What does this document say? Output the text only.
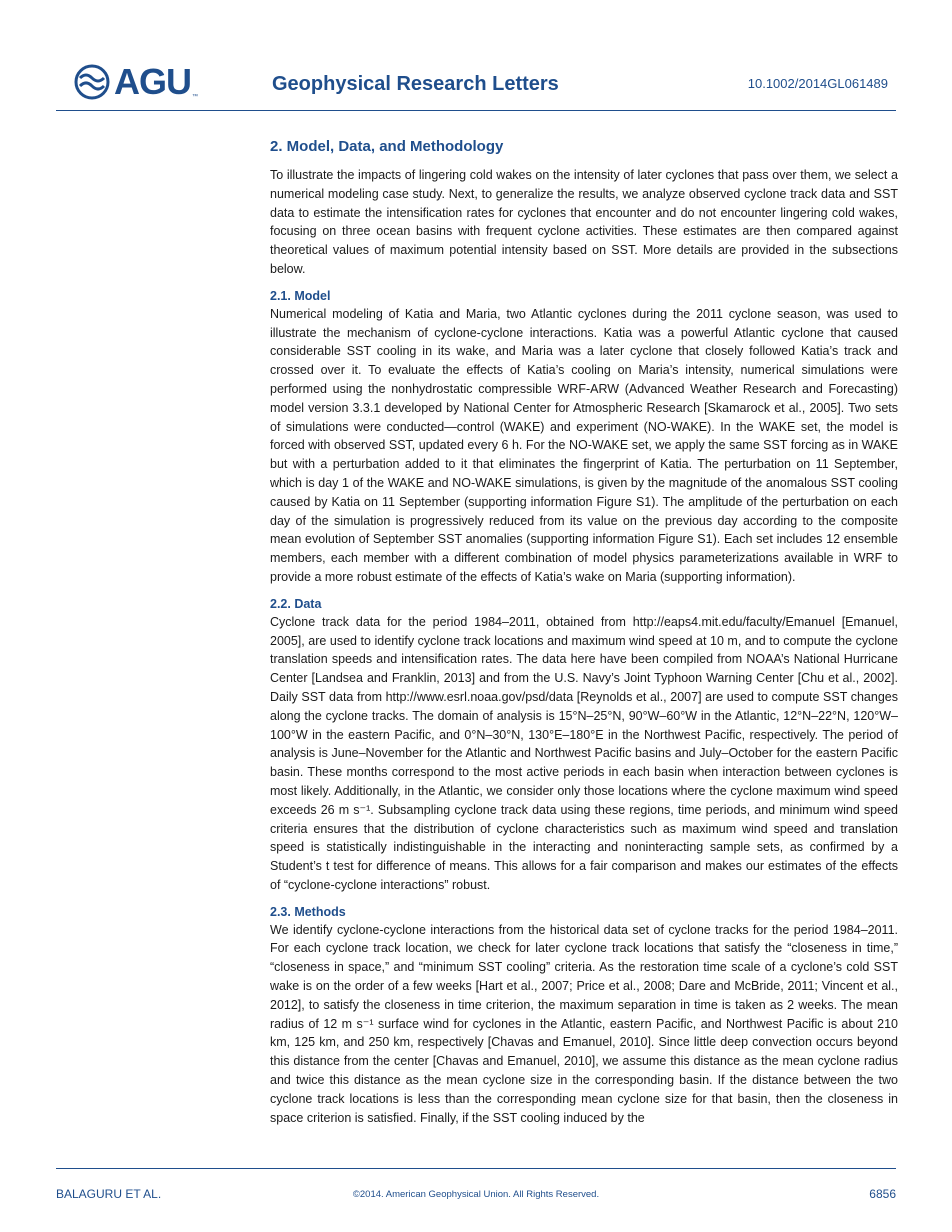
AGU ™
Geophysical Research Letters	10.1002/2014GL061489
2. Model, Data, and Methodology

To illustrate the impacts of lingering cold wakes on the intensity of later cyclones that pass over them, we select a numerical modeling case study. Next, to generalize the results, we analyze observed cyclone track data and SST data to estimate the intensification rates for cyclones that encounter and do not encounter lingering cold wakes, focusing on three ocean basins with frequent cyclone activities. These estimates are then compared against theoretical values of maximum potential intensity based on SST. More details are provided in the subsections below.

2.1. Model

Numerical modeling of Katia and Maria, two Atlantic cyclones during the 2011 cyclone season, was used to illustrate the mechanism of cyclone-cyclone interactions. Katia was a powerful Atlantic cyclone that caused considerable SST cooling in its wake, and Maria was a later cyclone that closely followed Katia’s track and crossed over it. To evaluate the effects of Katia’s cooling on Maria’s intensity, numerical simulations were performed using the nonhydrostatic compressible WRF-ARW (Advanced Weather Research and Forecasting) model version 3.3.1 developed by National Center for Atmospheric Research [Skamarock et al., 2005]. Two sets of simulations were conducted—control (WAKE) and experiment (NO-WAKE). In the WAKE set, the model is forced with observed SST, updated every 6 h. For the NO-WAKE set, we apply the same SST forcing as in WAKE but with a perturbation added to it that eliminates the fingerprint of Katia. The perturbation on 11 September, which is day 1 of the WAKE and NO-WAKE simulations, is given by the magnitude of the anomalous SST cooling caused by Katia on 11 September (supporting information Figure S1). The amplitude of the perturbation on each day of the simulation is progressively reduced from its value on the previous day according to the composite mean evolution of September SST anomalies (supporting information Figure S1). Each set includes 12 ensemble members, each member with a different combination of model physics parameterizations available in WRF to provide a more robust estimate of the effects of Katia’s wake on Maria (supporting information).

2.2. Data

Cyclone track data for the period 1984–2011, obtained from http://eaps4.mit.edu/faculty/Emanuel [Emanuel, 2005], are used to identify cyclone track locations and maximum wind speed at 10 m, and to compute the cyclone translation speeds and intensification rates. The data here have been compiled from NOAA’s National Hurricane Center [Landsea and Franklin, 2013] and from the U.S. Navy’s Joint Typhoon Warning Center [Chu et al., 2002]. Daily SST data from http://www.esrl.noaa.gov/psd/data [Reynolds et al., 2007] are used to compute SST changes along the cyclone tracks. The domain of analysis is 15°N–25°N, 90°W–60°W in the Atlantic, 12°N–22°N, 120°W–100°W in the eastern Pacific, and 0°N–30°N, 130°E–180°E in the Northwest Pacific, respectively. The period of analysis is June–November for the Atlantic and Northwest Pacific basins and July–October for the eastern Pacific basin. These months correspond to the most active periods in each basin when interaction between cyclones is most likely. Additionally, in the Atlantic, we consider only those locations where the cyclone maximum wind speed exceeds 26 m s⁻¹. Subsampling cyclone track data using these regions, time periods, and minimum wind speed criteria ensures that the distribution of cyclone characteristics such as maximum wind speed and translation speed is statistically indistinguishable in the interacting and noninteracting sample sets, as confirmed by a Student’s t test for difference of means. This allows for a fair comparison and makes our estimates of the effects of “cyclone-cyclone interactions” robust.

2.3. Methods

We identify cyclone-cyclone interactions from the historical data set of cyclone tracks for the period 1984–2011. For each cyclone track location, we check for later cyclone track locations that satisfy the “closeness in time,” “closeness in space,” and “minimum SST cooling” criteria. As the restoration time scale of a cyclone’s cold SST wake is on the order of a few weeks [Hart et al., 2007; Price et al., 2008; Dare and McBride, 2011; Vincent et al., 2012], to satisfy the closeness in time criterion, the maximum separation in time is taken as 2 weeks. The mean radius of 12 m s⁻¹ surface wind for cyclones in the Atlantic, eastern Pacific, and Northwest Pacific is about 210 km, 125 km, and 250 km, respectively [Chavas and Emanuel, 2010]. Since little deep convection occurs beyond this distance from the center [Chavas and Emanuel, 2010], we assume this distance as the mean cyclone radius and twice this distance as the mean cyclone size in the corresponding basin. If the distance between the two cyclone track locations is less than the corresponding mean cyclone size for that basin, then the closeness in space criterion is satisfied. Finally, if the SST cooling induced by the

BALAGURU ET AL.	©2014. American Geophysical Union. All Rights Reserved.	6856
